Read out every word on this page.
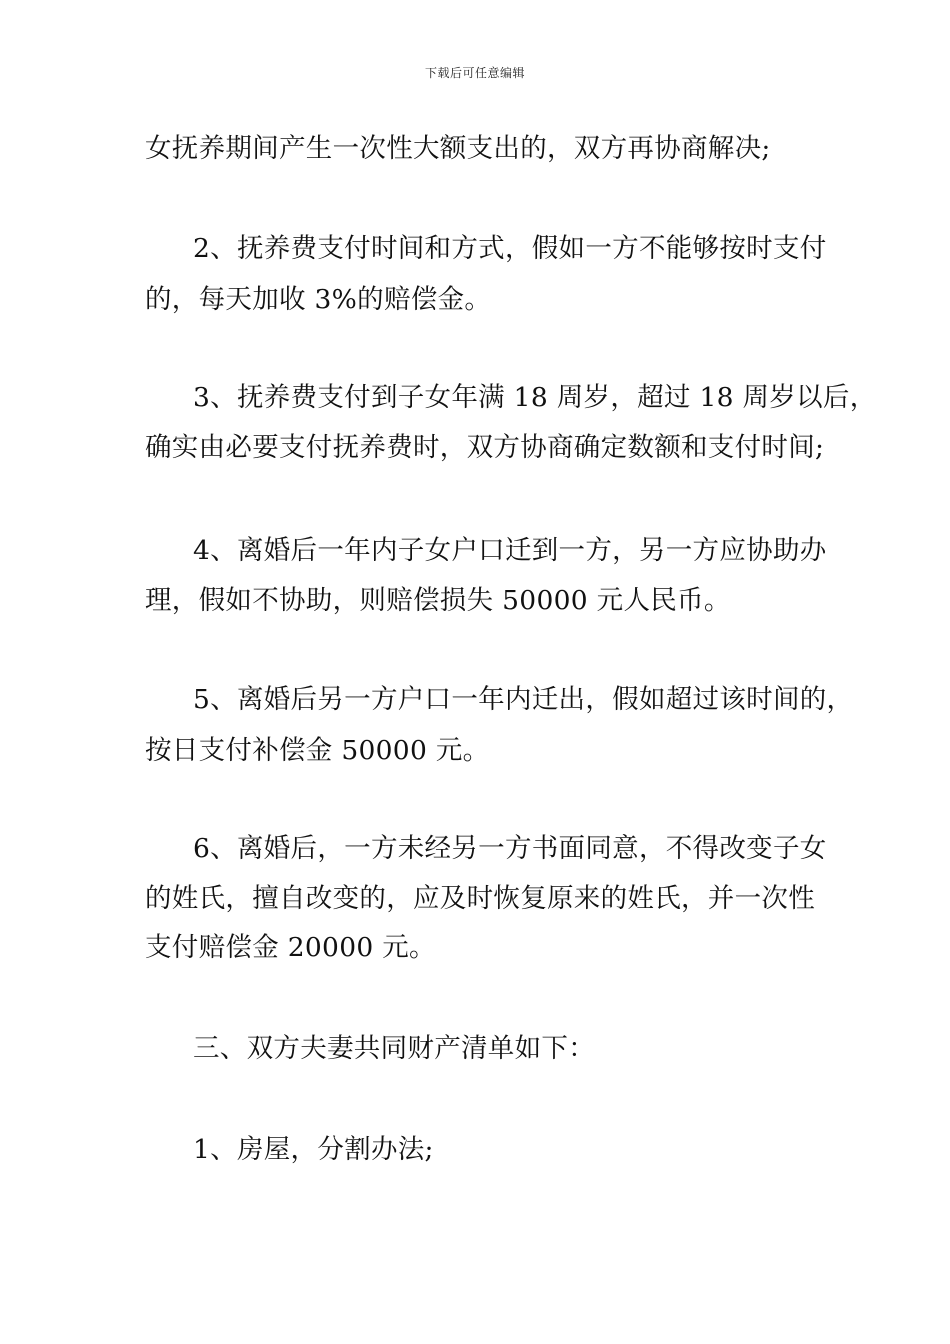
下载后可任意编辑
女抚养期间产生一次性大额支出的，双方再协商解决;
2、抚养费支付时间和方式，假如一方不能够按时支付
的，每天加收 3%的赔偿金。
3、抚养费支付到子女年满 18 周岁，超过 18 周岁以后，
确实由必要支付抚养费时，双方协商确定数额和支付时间;
4、离婚后一年内子女户口迁到一方，另一方应协助办
理，假如不协助，则赔偿损失 50000 元人民币。
5、离婚后另一方户口一年内迁出，假如超过该时间的，
按日支付补偿金 50000 元。
6、离婚后，一方未经另一方书面同意，不得改变子女
的姓氏，擅自改变的，应及时恢复原来的姓氏，并一次性
支付赔偿金 20000 元。
三、双方夫妻共同财产清单如下：
1、房屋，分割办法;
